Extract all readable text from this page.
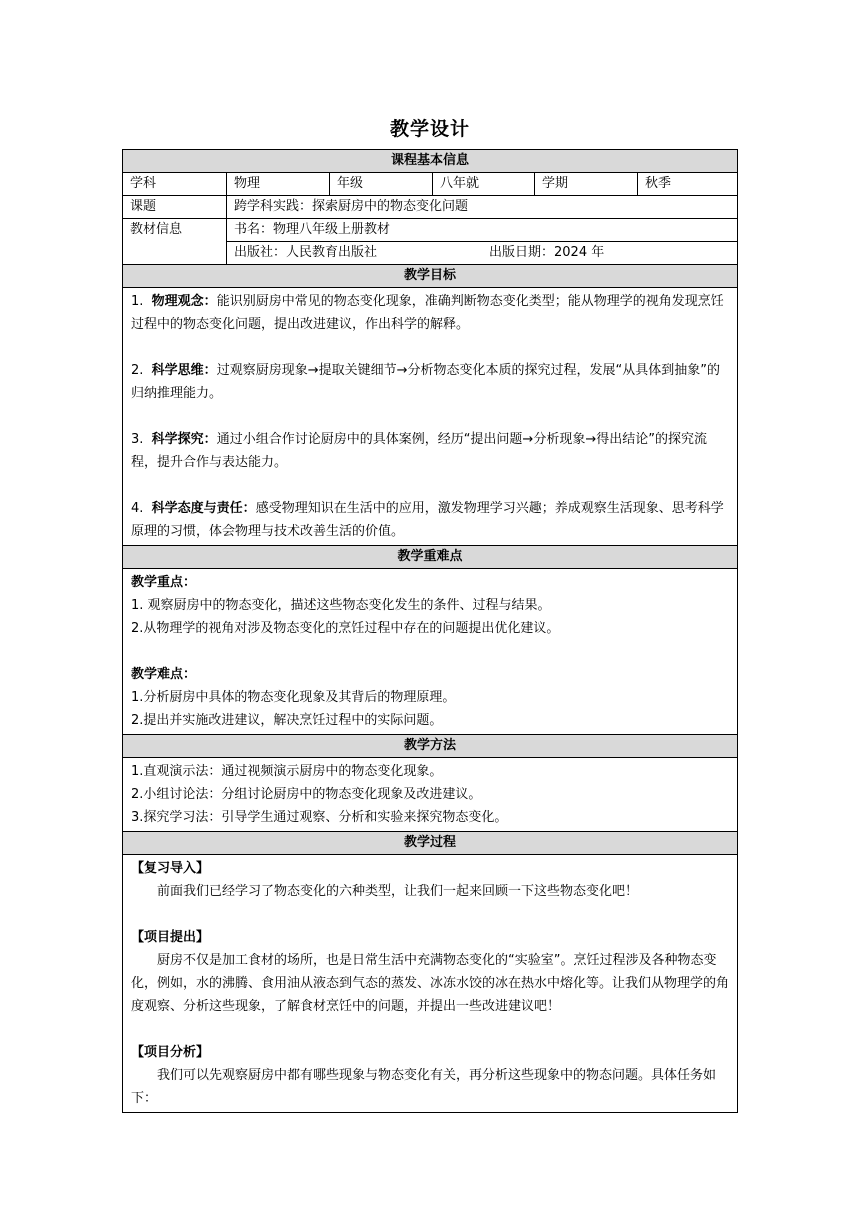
教学设计
课程基本信息
学科	物理	年级	八年就	学期	秋季
课题	跨学科实践：探索厨房中的物态变化问题
教材信息	书名：物理八年级上册教材
出版社：人民教育出版社	出版日期：2024 年
教学目标

1. 物理观念：能识别厨房中常见的物态变化现象，准确判断物态变化类型；能从物理学的视角发现烹饪过程中的物态变化问题，提出改进建议，作出科学的解释。

2. 科学思维：过观察厨房现象→提取关键细节→分析物态变化本质的探究过程，发展“从具体到抽象”的归纳推理能力。

3. 科学探究：通过小组合作讨论厨房中的具体案例，经历“提出问题→分析现象→得出结论”的探究流程，提升合作与表达能力。

4. 科学态度与责任：感受物理知识在生活中的应用，激发物理学习兴趣；养成观察生活现象、思考科学原理的习惯，体会物理与技术改善生活的价值。

教学重难点

教学重点：

1. 观察厨房中的物态变化，描述这些物态变化发生的条件、过程与结果。

2.从物理学的视角对涉及物态变化的烹饪过程中存在的问题提出优化建议。

教学难点：

1.分析厨房中具体的物态变化现象及其背后的物理原理。

2.提出并实施改进建议，解决烹饪过程中的实际问题。

教学方法

1.直观演示法：通过视频演示厨房中的物态变化现象。

2.小组讨论法：分组讨论厨房中的物态变化现象及改进建议。

3.探究学习法：引导学生通过观察、分析和实验来探究物态变化。

教学过程

【复习导入】

前面我们已经学习了物态变化的六种类型，让我们一起来回顾一下这些物态变化吧！

【项目提出】

厨房不仅是加工食材的场所，也是日常生活中充满物态变化的“实验室”。烹饪过程涉及各种物态变化，例如，水的沸腾、食用油从液态到气态的蒸发、冰冻水饺的冰在热水中熔化等。让我们从物理学的角度观察、分析这些现象，了解食材烹饪中的问题，并提出一些改进建议吧！

【项目分析】

我们可以先观察厨房中都有哪些现象与物态变化有关，再分析这些现象中的物态问题。具体任务如下：
